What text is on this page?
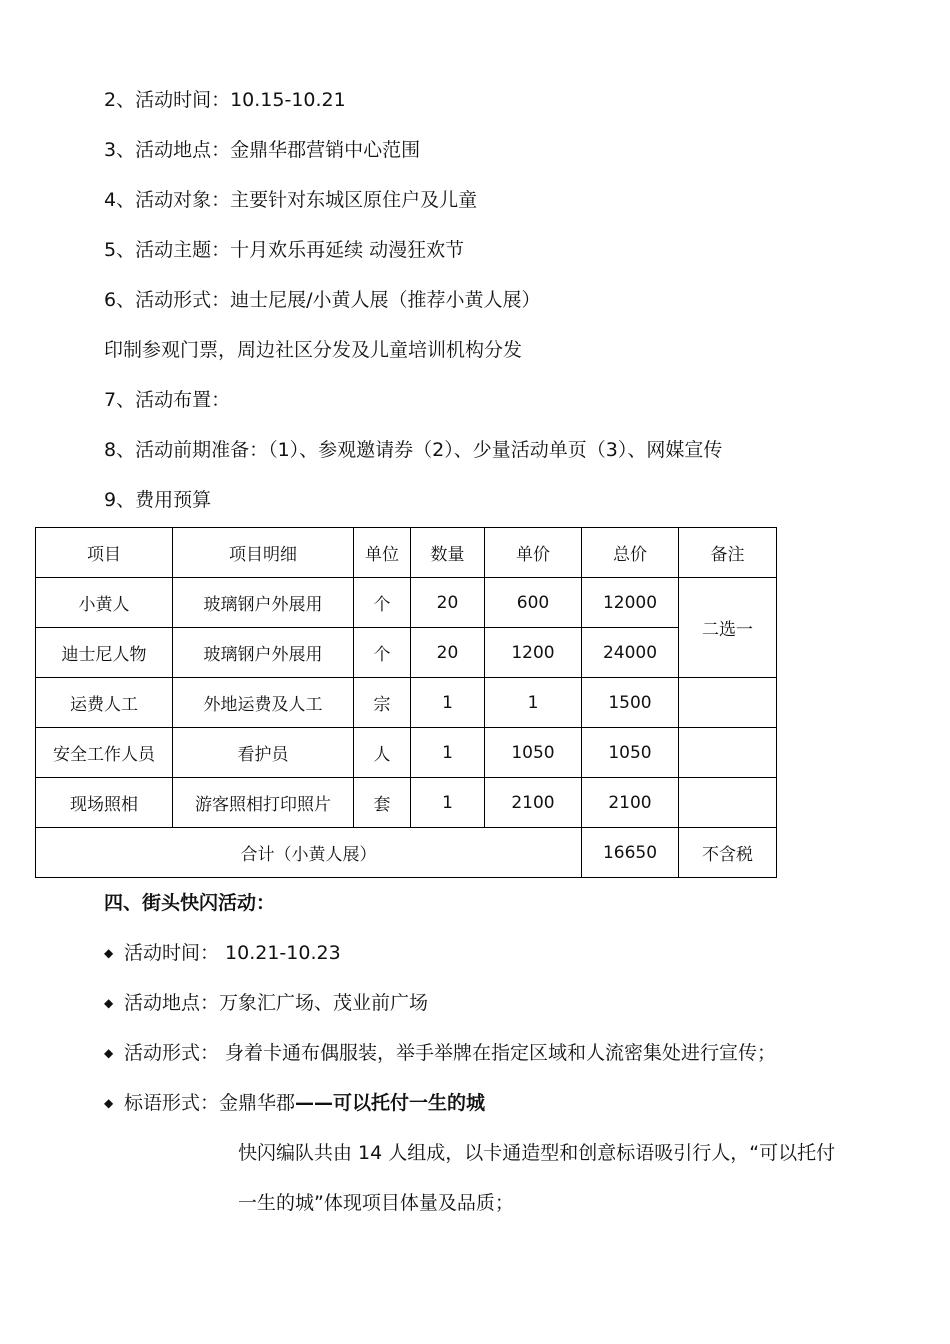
2、活动时间：10.15-10.21
3、活动地点：金鼎华郡营销中心范围
4、活动对象：主要针对东城区原住户及儿童
5、活动主题：十月欢乐再延续 动漫狂欢节
6、活动形式：迪士尼展/小黄人展（推荐小黄人展）
印制参观门票，周边社区分发及儿童培训机构分发
7、活动布置：
8、活动前期准备：（1）、参观邀请券（2）、少量活动单页（3）、网媒宣传
9、费用预算
项目	项目明细	单位	数量	单价	总价	备注
小黄人	玻璃钢户外展用	个	20	600	12000	二选一
迪士尼人物	玻璃钢户外展用	个	20	1200	24000	
运费人工	外地运费及人工	宗	1	1	1500	
安全工作人员	看护员	人	1	1050	1050	
现场照相	游客照相打印照片	套	1	2100	2100	
合计（小黄人展）					16650	不含税
四、街头快闪活动：
◆ 活动时间： 10.21-10.23
◆ 活动地点：万象汇广场、茂业前广场
◆ 活动形式： 身着卡通布偶服装，举手举牌在指定区域和人流密集处进行宣传；
◆ 标语形式：金鼎华郡——可以托付一生的城
快闪编队共由 14 人组成，以卡通造型和创意标语吸引行人，“可以托付
一生的城”体现项目体量及品质；
